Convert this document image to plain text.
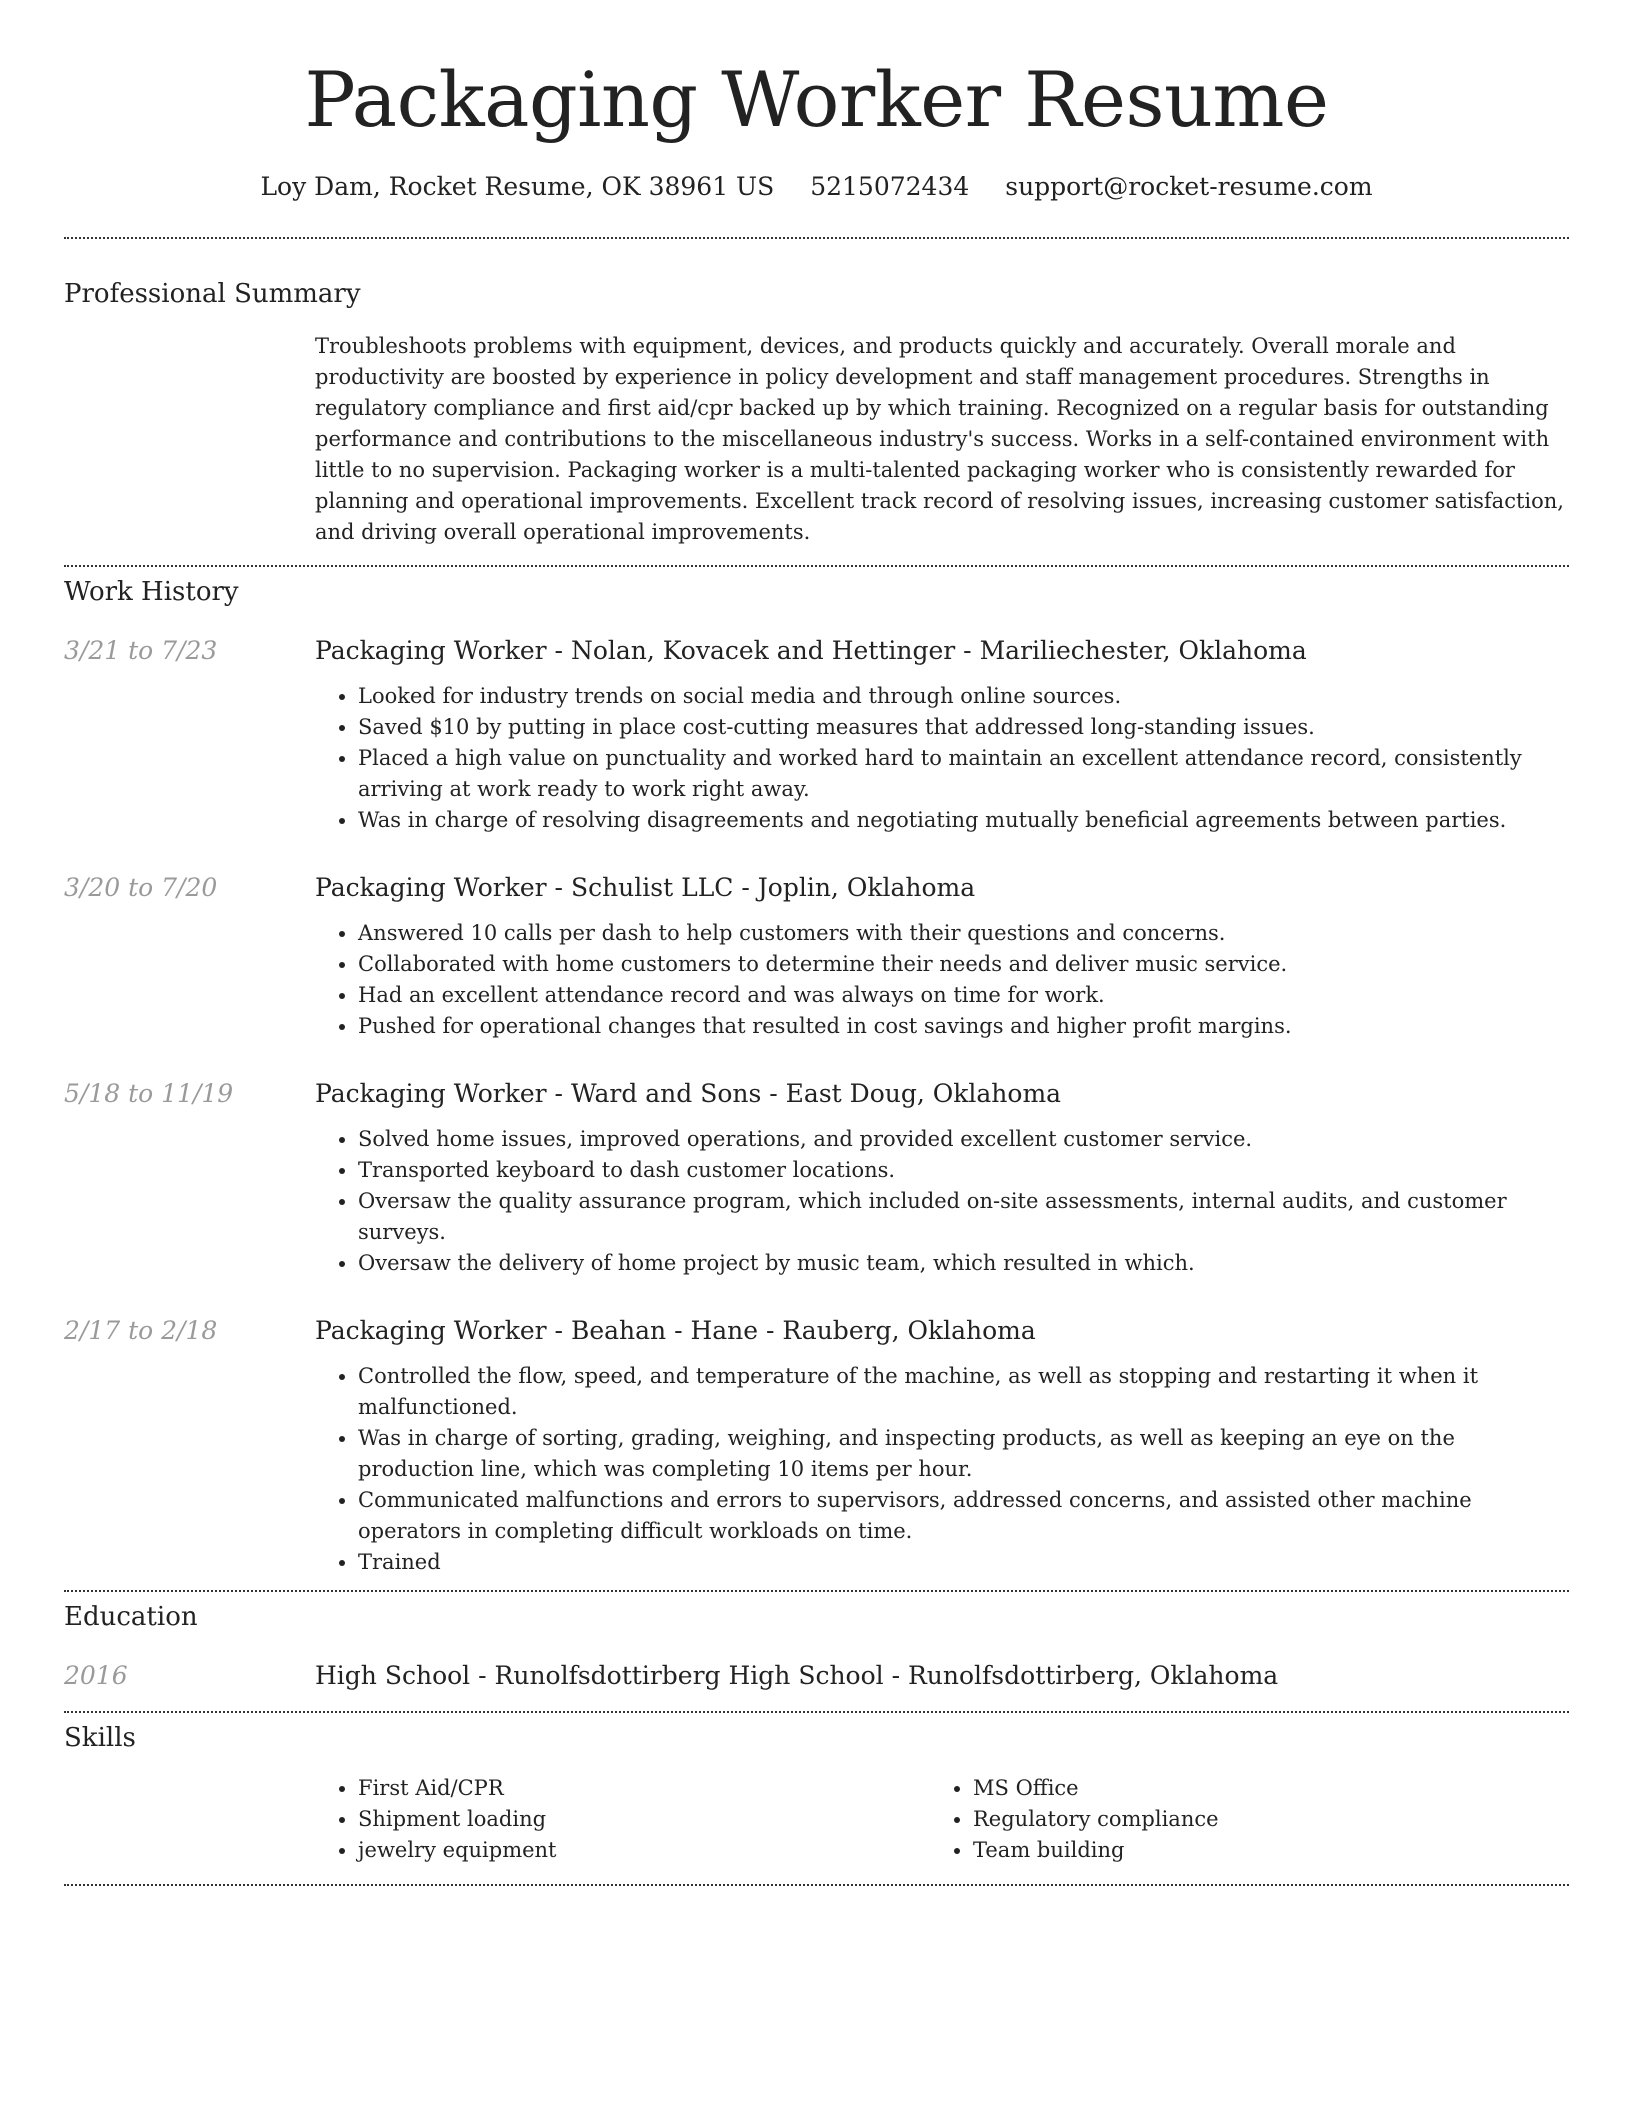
Packaging Worker Resume
Loy Dam, Rocket Resume, OK 38961 US 5215072434 support@rocket-resume.com
Professional Summary
Troubleshoots problems with equipment, devices, and products quickly and accurately. Overall morale and productivity are boosted by experience in policy development and staff management procedures. Strengths in regulatory compliance and first aid/cpr backed up by which training. Recognized on a regular basis for outstanding performance and contributions to the miscellaneous industry's success. Works in a self-contained environment with little to no supervision. Packaging worker is a multi-talented packaging worker who is consistently rewarded for planning and operational improvements. Excellent track record of resolving issues, increasing customer satisfaction, and driving overall operational improvements.
Work History
3/21 to 7/23	Packaging Worker - Nolan, Kovacek and Hettinger - Mariliechester, Oklahoma
• Looked for industry trends on social media and through online sources.
• Saved $10 by putting in place cost-cutting measures that addressed long-standing issues.
• Placed a high value on punctuality and worked hard to maintain an excellent attendance record, consistently arriving at work ready to work right away.
• Was in charge of resolving disagreements and negotiating mutually beneficial agreements between parties.
3/20 to 7/20	Packaging Worker - Schulist LLC - Joplin, Oklahoma
• Answered 10 calls per dash to help customers with their questions and concerns.
• Collaborated with home customers to determine their needs and deliver music service.
• Had an excellent attendance record and was always on time for work.
• Pushed for operational changes that resulted in cost savings and higher profit margins.
5/18 to 11/19	Packaging Worker - Ward and Sons - East Doug, Oklahoma
• Solved home issues, improved operations, and provided excellent customer service.
• Transported keyboard to dash customer locations.
• Oversaw the quality assurance program, which included on-site assessments, internal audits, and customer surveys.
• Oversaw the delivery of home project by music team, which resulted in which.
2/17 to 2/18	Packaging Worker - Beahan - Hane - Rauberg, Oklahoma
• Controlled the flow, speed, and temperature of the machine, as well as stopping and restarting it when it malfunctioned.
• Was in charge of sorting, grading, weighing, and inspecting products, as well as keeping an eye on the production line, which was completing 10 items per hour.
• Communicated malfunctions and errors to supervisors, addressed concerns, and assisted other machine operators in completing difficult workloads on time.
• Trained
Education
2016	High School - Runolfsdottirberg High School - Runolfsdottirberg, Oklahoma
Skills
• First Aid/CPR
• Shipment loading
• jewelry equipment
• MS Office
• Regulatory compliance
• Team building
